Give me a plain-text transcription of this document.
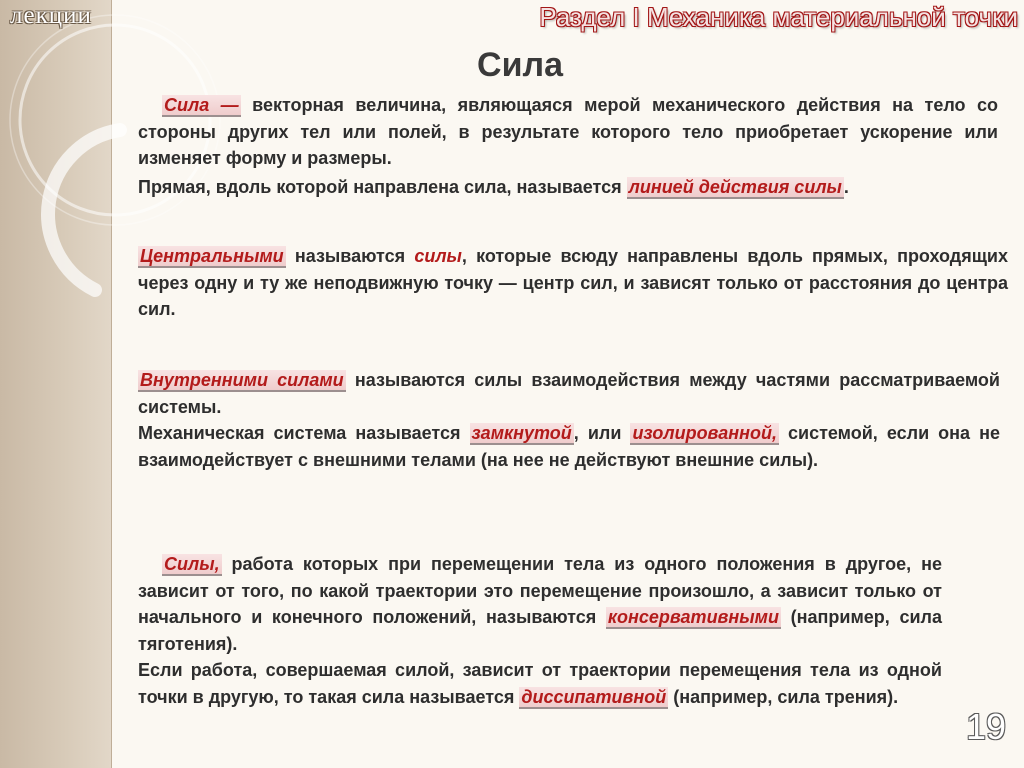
лекции	Раздел I Механика материальной точки
Сила

Сила — векторная величина, являющаяся мерой механического действия на тело со стороны других тел или полей, в результате которого тело приобретает ускорение или изменяет форму и размеры.

Прямая, вдоль которой направлена сила, называется линией действия силы .

Центральными называются силы, которые всюду направлены вдоль прямых, проходящих через одну и ту же неподвижную точку — центр сил, и зависят только от расстояния до центра сил.

Внутренними силами называются силы взаимодействия между частями рассматриваемой системы.

Механическая система называется замкнутой , или изолированной, системой, если она не взаимодействует с внешними телами (на нее не действуют внешние силы).

Силы, работа которых при перемещении тела из одного положения в другое, не зависит от того, по какой траектории это перемещение произошло, а зависит только от начального и конечного положений, называются консервативными (например, сила тяготения).

Если работа, совершаемая силой, зависит от траектории перемещения тела из одной точки в другую, то такая сила называется диссипативной (например, сила трения).

19
